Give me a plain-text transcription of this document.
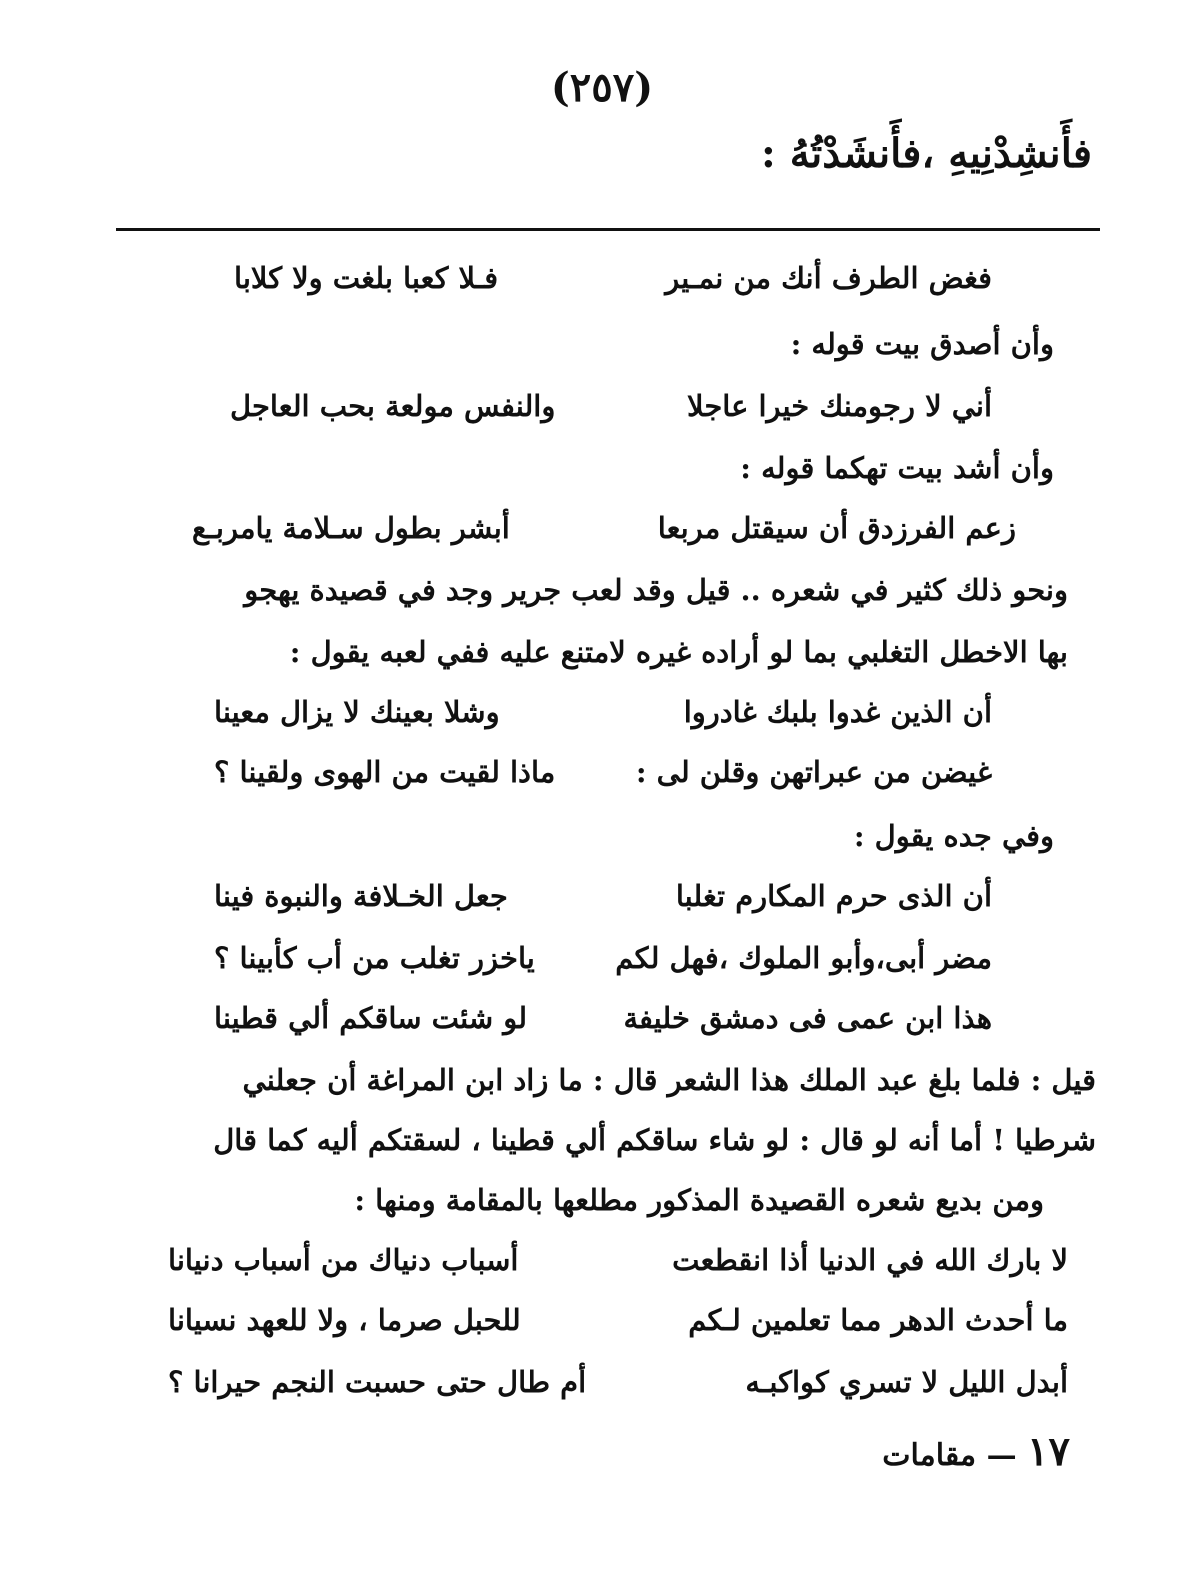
(٢٥٧)
فأَنشِدْنِيهِ ،فأَنشَدْتُهُ :
فغض الطرف أنك من نمـير
فـلا كعبا بلغت ولا كلابا
وأن أصدق بيت قوله :
أني لا رجومنك خيرا عاجلا
والنفس مولعة بحب العاجل
وأن أشد بيت تهكما قوله :
زعم الفرزدق أن سيقتل مربعا
أبشر بطول سـلامة يامربـع
ونحو ذلك كثير في شعره .. قيل وقد لعب جرير وجد في قصيدة يهجو
بها الاخطل التغلبي بما لو أراده غيره لامتنع عليه ففي لعبه يقول :
أن الذين غدوا بلبك غادروا
وشلا بعينك لا يزال معينا
غيضن من عبراتهن وقلن لى :
ماذا لقيت من الهوى ولقينا ؟
وفي جده يقول :
أن الذى حرم المكارم تغلبا
جعل الخـلافة والنبوة فينا
مضر أبى،وأبو الملوك ،فهل لكم
ياخزر تغلب من أب كأبينا ؟
هذا ابن عمى فى دمشق خليفة
لو شئت ساقكم ألي قطينا
قيل : فلما بلغ عبد الملك هذا الشعر قال : ما زاد ابن المراغة أن جعلني
شرطيا ! أما أنه لو قال : لو شاء ساقكم ألي قطينا ، لسقتكم أليه كما قال
ومن بديع شعره القصيدة المذكور مطلعها بالمقامة ومنها :
لا بارك الله في الدنيا أذا انقطعت
أسباب دنياك من أسباب دنيانا
ما أحدث الدهر مما تعلمين لـكم
للحبل صرما ، ولا للعهد نسيانا
أبدل الليل لا تسري كواكبـه
أم طال حتى حسبت النجم حيرانا ؟
١٧ — مقامات
